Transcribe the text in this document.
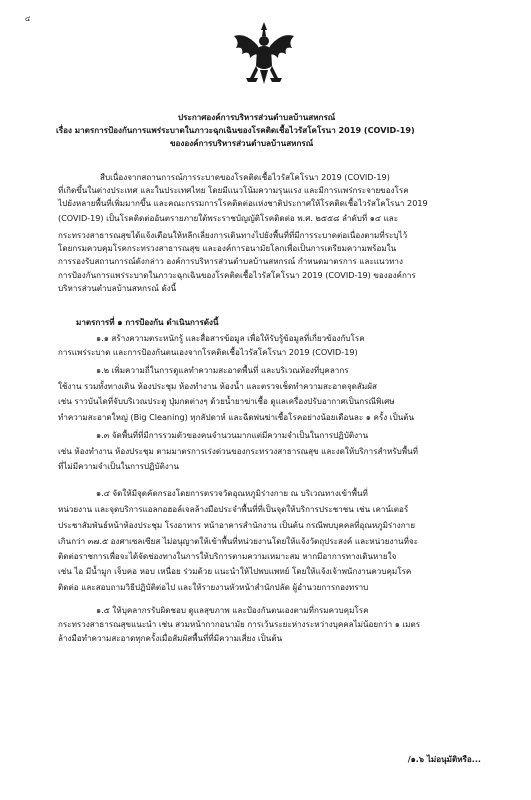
๔
ประกาศองค์การบริหารส่วนตำบลบ้านสหกรณ์
เรื่อง มาตรการป้องกันการแพร่ระบาดในภาวะฉุกเฉินของโรคติดเชื้อไวรัสโคโรนา 2019 (COVID-19)
ขององค์การบริหารส่วนตำบลบ้านสหกรณ์
สืบเนื่องจากสถานการณ์การระบาดของโรคติดเชื้อไวรัสโคโรนา 2019 (COVID-19)
ที่เกิดขึ้นในต่างประเทศ และในประเทศไทย โดยมีแนวโน้มความรุนแรง และมีการแพร่กระจายของโรค
ไปยังหลายพื้นที่เพิ่มมากขึ้น และคณะกรรมการโรคติดต่อแห่งชาติประกาศให้โรคติดเชื้อไวรัสโคโรนา 2019
(COVID-19) เป็นโรคติดต่ออันตรายภายใต้พระราชบัญญัติโรคติดต่อ พ.ศ. ๒๕๕๘ ลำดับที่ ๑๔ และ
กระทรวงสาธารณสุขได้แจ้งเตือนให้หลีกเลี่ยงการเดินทางไปยังพื้นที่ที่มีการระบาดต่อเนื่องตามที่ระบุไว้
โดยกรมควบคุมโรคกระทรวงสาธารณสุข และองค์การอนามัยโลกเพื่อเป็นการเตรียมความพร้อมใน
การรองรับสถานการณ์ดังกล่าว องค์การบริหารส่วนตำบลบ้านสหกรณ์ กำหนดมาตรการ และแนวทาง
การป้องกันการแพร่ระบาดในภาวะฉุกเฉินของโรคติดเชื้อไวรัสโคโรนา 2019 (COVID-19) ขององค์การ
บริหารส่วนตำบลบ้านสหกรณ์ ดังนี้
มาตรการที่ ๑ การป้องกัน ดำเนินการดังนี้
๑.๑ สร้างความตระหนักรู้ และสื่อสารข้อมูล เพื่อให้รับรู้ข้อมูลที่เกี่ยวข้องกับโรค
การแพร่ระบาด และการป้องกันตนเองจากโรคติดเชื้อไวรัสโคโรนา 2019 (COVID-19)
๑.๒ เพิ่มความถี่ในการดูแลทำความสะอาดพื้นที่ และบริเวณห้องที่บุคลากร
ใช้งาน รวมทั้งทางเดิน ห้องประชุม ห้องทำงาน ห้องน้ำ และตรวจเช็ดทำความสะอาดจุดสัมผัส
เช่น ราวบันไดที่จับบริเวณประตู ปุ่มกดต่างๆ ด้วยน้ำยาฆ่าเชื้อ ดูแลเครื่องปรับอากาศเป็นกรณีพิเศษ
ทำความสะอาดใหญ่ (Big Cleaning) ทุกสัปดาห์ และฉีดพ่นฆ่าเชื้อโรคอย่างน้อยเดือนละ ๑ ครั้ง เป็นต้น
๑.๓ จัดพื้นที่ที่มีการรวมตัวของคนจำนวนมากแต่มีความจำเป็นในการปฏิบัติงาน
เช่น ห้องทำงาน ห้องประชุม ตามมาตรการเร่งด่วนของกระทรวงสาธารณสุข และงดให้บริการสำหรับพื้นที่
ที่ไม่มีความจำเป็นในการปฏิบัติงาน
๑.๔ จัดให้มีจุดคัดกรองโดยการตรวจวัดอุณหภูมิร่างกาย ณ บริเวณทางเข้าพื้นที่
หน่วยงาน และจุดบริการแอลกอฮอล์เจลล้างมือประจำพื้นที่ที่เป็นจุดให้บริการประชาชน เช่น เคาน์เตอร์
ประชาสัมพันธ์หน้าห้องประชุม โรงอาหาร หน้าอาคารสำนักงาน เป็นต้น กรณีพบบุคคลที่อุณหภูมิร่างกาย
เกินกว่า ๓๗.๕ องศาเซลเซียส ไม่อนุญาตให้เข้าพื้นที่หน่วยงานโดยให้แจ้งวัตถุประสงค์ และหน่วยงานที่จะ
ติดต่อราชการเพื่อจะได้จัดช่องทางในการให้บริการตามความเหมาะสม หากมีอาการทางเดินหายใจ
เช่น ไอ มีน้ำมูก เจ็บคอ หอบ เหนื่อย ร่วมด้วย แนะนำให้ไปพบแพทย์ โดยให้แจ้งเจ้าพนักงานควบคุมโรค
ติดต่อ และสอบถามวิธีปฏิบัติต่อไป และให้รายงานหัวหน้าสำนักปลัด ผู้อำนวยการกองทราบ
๑.๕ ให้บุคลากรรับผิดชอบ ดูแลสุขภาพ และป้องกันตนเองตามที่กรมควบคุมโรค
กระทรวงสาธารณสุขแนะนำ เช่น สวมหน้ากากอนามัย การเว้นระยะห่างระหว่างบุคคลไม่น้อยกว่า ๑ เมตร
ล้างมือทำความสะอาดทุกครั้งเมื่อสัมผัสพื้นที่ที่มีความเสี่ยง เป็นต้น
/๑.๖ ไม่อนุมัติหรือ...
